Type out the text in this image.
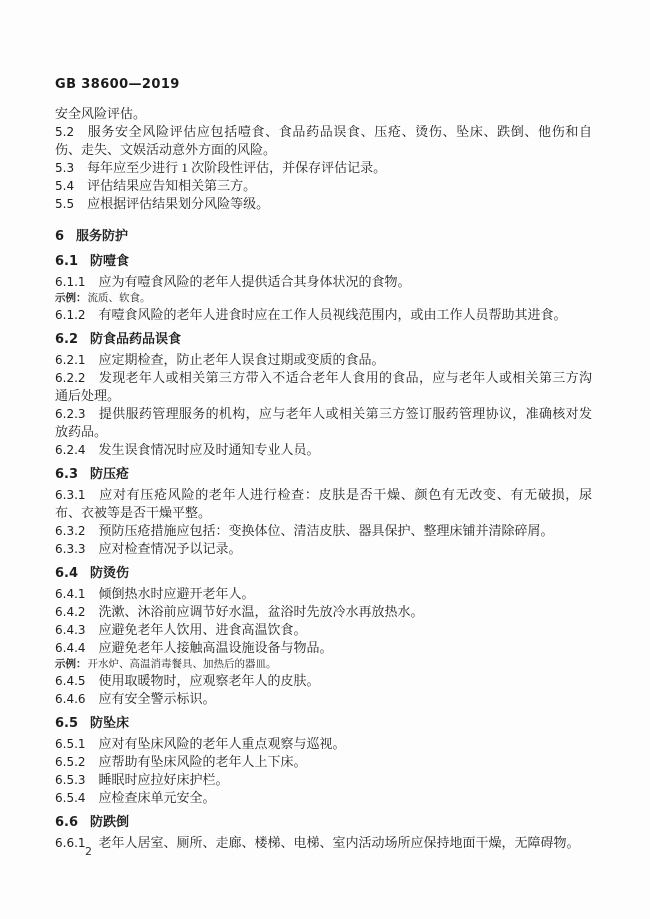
GB 38600—2019

安全风险评估。

5.2 服务安全风险评估应包括噎食、食品药品误食、压疮、烫伤、坠床、跌倒、他伤和自伤、走失、文娱活动意外方面的风险。

5.3 每年应至少进行 1 次阶段性评估，并保存评估记录。

5.4 评估结果应告知相关第三方。

5.5 应根据评估结果划分风险等级。

6 服务防护

6.1 防噎食

6.1.1 应为有噎食风险的老年人提供适合其身体状况的食物。

示例：流质、软食。

6.1.2 有噎食风险的老年人进食时应在工作人员视线范围内，或由工作人员帮助其进食。

6.2 防食品药品误食

6.2.1 应定期检查，防止老年人误食过期或变质的食品。

6.2.2 发现老年人或相关第三方带入不适合老年人食用的食品，应与老年人或相关第三方沟通后处理。

6.2.3 提供服药管理服务的机构，应与老年人或相关第三方签订服药管理协议，准确核对发放药品。

6.2.4 发生误食情况时应及时通知专业人员。

6.3 防压疮

6.3.1 应对有压疮风险的老年人进行检查：皮肤是否干燥、颜色有无改变、有无破损，尿布、衣被等是否干燥平整。

6.3.2 预防压疮措施应包括：变换体位、清洁皮肤、器具保护、整理床铺并清除碎屑。

6.3.3 应对检查情况予以记录。

6.4 防烫伤

6.4.1 倾倒热水时应避开老年人。

6.4.2 洗漱、沐浴前应调节好水温，盆浴时先放冷水再放热水。

6.4.3 应避免老年人饮用、进食高温饮食。

6.4.4 应避免老年人接触高温设施设备与物品。

示例：开水炉、高温消毒餐具、加热后的器皿。

6.4.5 使用取暖物时，应观察老年人的皮肤。

6.4.6 应有安全警示标识。

6.5 防坠床

6.5.1 应对有坠床风险的老年人重点观察与巡视。

6.5.2 应帮助有坠床风险的老年人上下床。

6.5.3 睡眠时应拉好床护栏。

6.5.4 应检查床单元安全。

6.6 防跌倒

6.6.1 老年人居室、厕所、走廊、楼梯、电梯、室内活动场所应保持地面干燥，无障碍物。

2
